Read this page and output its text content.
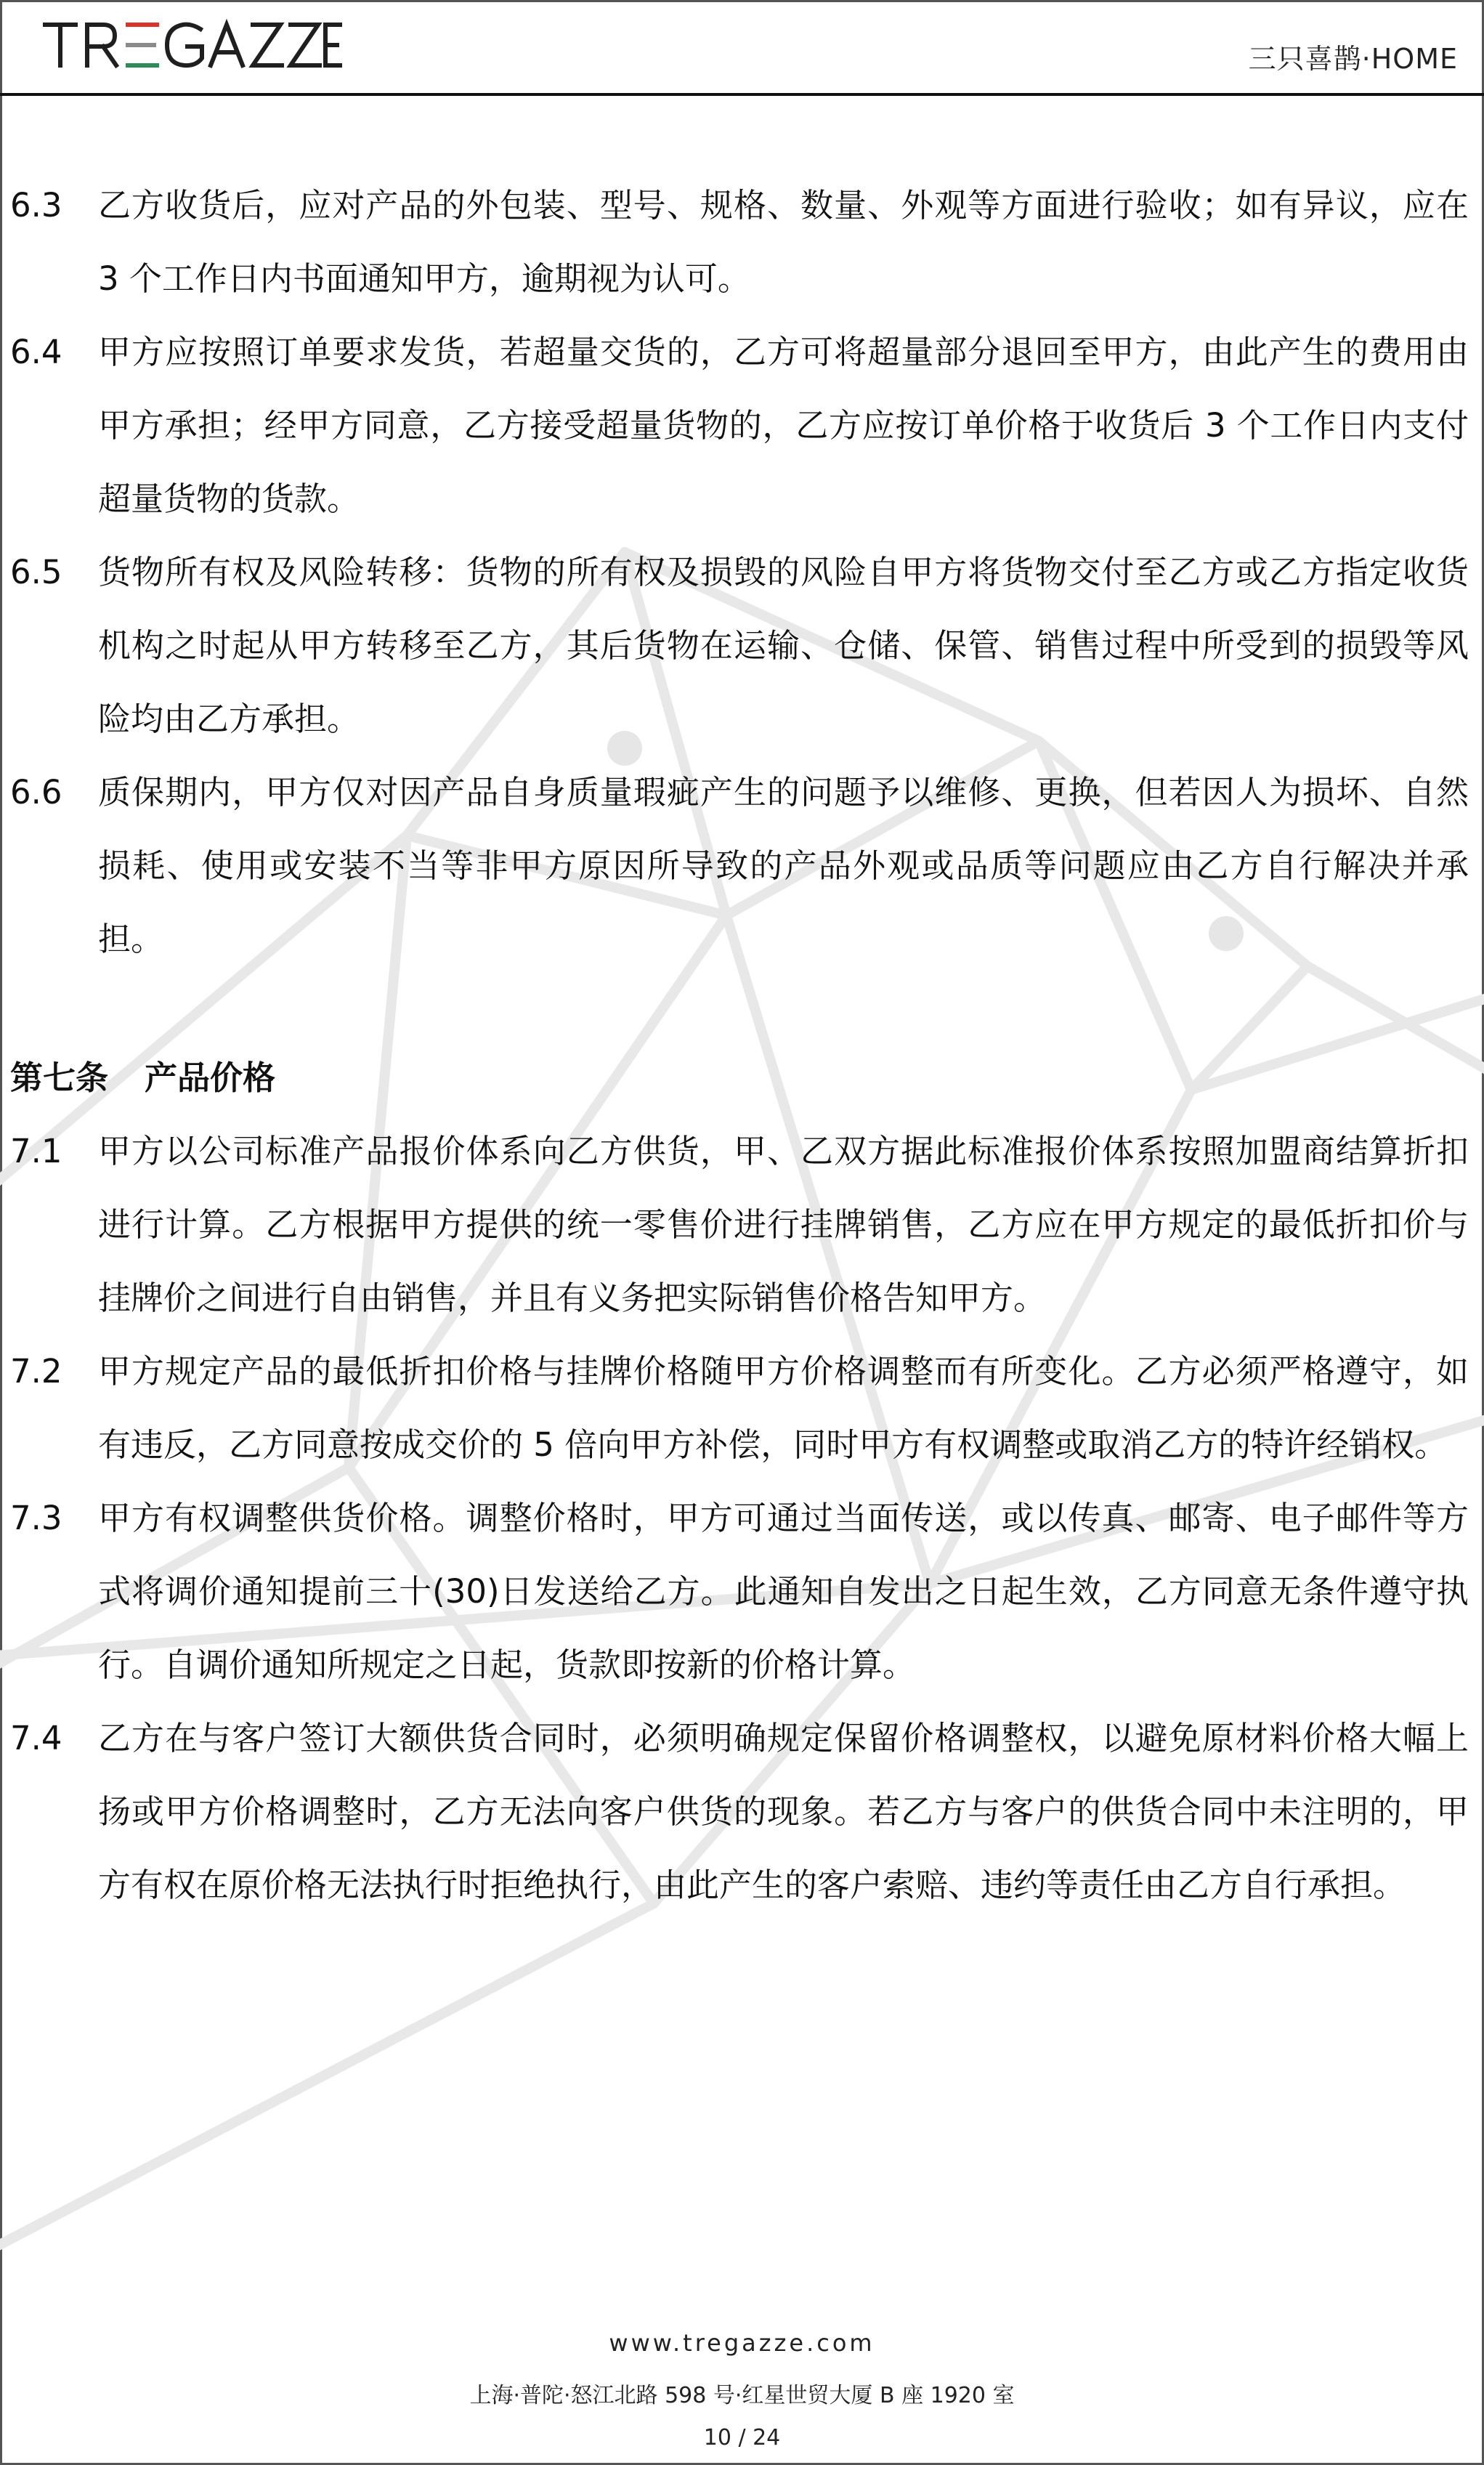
三只喜鹊·HOME
6.3	乙方收货后，应对产品的外包装、型号、规格、数量、外观等方面进行验收；如有异议，应在 3 个工作日内书面通知甲方，逾期视为认可。
6.4	甲方应按照订单要求发货，若超量交货的，乙方可将超量部分退回至甲方，由此产生的费用由甲方承担；经甲方同意，乙方接受超量货物的，乙方应按订单价格于收货后 3 个工作日内支付超量货物的货款。
6.5	货物所有权及风险转移：货物的所有权及损毁的风险自甲方将货物交付至乙方或乙方指定收货机构之时起从甲方转移至乙方，其后货物在运输、仓储、保管、销售过程中所受到的损毁等风险均由乙方承担。
6.6	质保期内，甲方仅对因产品自身质量瑕疵产生的问题予以维修、更换，但若因人为损坏、自然损耗、使用或安装不当等非甲方原因所导致的产品外观或品质等问题应由乙方自行解决并承担。
第七条 产品价格
7.1	甲方以公司标准产品报价体系向乙方供货，甲、乙双方据此标准报价体系按照加盟商结算折扣进行计算。乙方根据甲方提供的统一零售价进行挂牌销售，乙方应在甲方规定的最低折扣价与挂牌价之间进行自由销售，并且有义务把实际销售价格告知甲方。
7.2	甲方规定产品的最低折扣价格与挂牌价格随甲方价格调整而有所变化。乙方必须严格遵守，如有违反，乙方同意按成交价的 5 倍向甲方补偿，同时甲方有权调整或取消乙方的特许经销权。
7.3	甲方有权调整供货价格。调整价格时，甲方可通过当面传送，或以传真、邮寄、电子邮件等方式将调价通知提前三十(30)日发送给乙方。此通知自发出之日起生效，乙方同意无条件遵守执行。自调价通知所规定之日起，货款即按新的价格计算。
7.4	乙方在与客户签订大额供货合同时，必须明确规定保留价格调整权，以避免原材料价格大幅上扬或甲方价格调整时，乙方无法向客户供货的现象。若乙方与客户的供货合同中未注明的，甲方有权在原价格无法执行时拒绝执行，由此产生的客户索赔、违约等责任由乙方自行承担。
www.tregazze.com
上海·普陀·怒江北路 598 号·红星世贸大厦 B 座 1920 室
10 / 24
